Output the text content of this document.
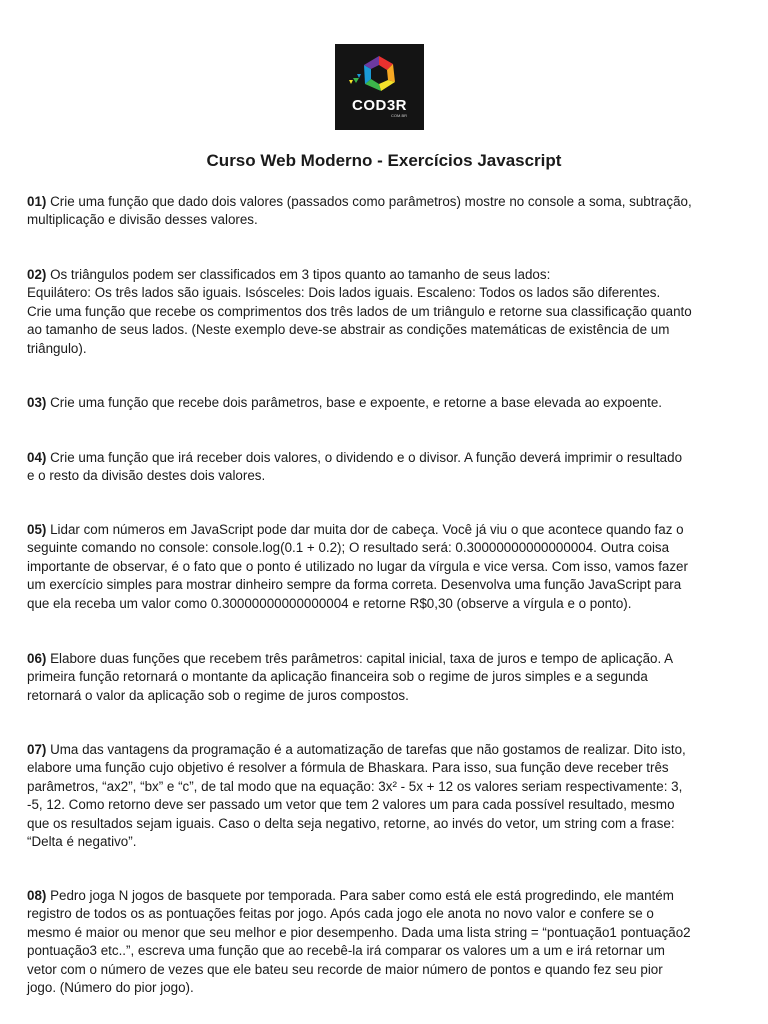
COD3R
COM.BR
Curso Web Moderno - Exercícios Javascript

01) Crie uma função que dado dois valores (passados como parâmetros) mostre no console a soma, subtração,
multiplicação e divisão desses valores.

02) Os triângulos podem ser classificados em 3 tipos quanto ao tamanho de seus lados:
Equilátero: Os três lados são iguais. Isósceles: Dois lados iguais. Escaleno: Todos os lados são diferentes.
Crie uma função que recebe os comprimentos dos três lados de um triângulo e retorne sua classificação quanto
ao tamanho de seus lados. (Neste exemplo deve-se abstrair as condições matemáticas de existência de um
triângulo).

03) Crie uma função que recebe dois parâmetros, base e expoente, e retorne a base elevada ao expoente.

04) Crie uma função que irá receber dois valores, o dividendo e o divisor. A função deverá imprimir o resultado
e o resto da divisão destes dois valores.

05) Lidar com números em JavaScript pode dar muita dor de cabeça. Você já viu o que acontece quando faz o
seguinte comando no console: console.log(0.1 + 0.2); O resultado será: 0.30000000000000004. Outra coisa
importante de observar, é o fato que o ponto é utilizado no lugar da vírgula e vice versa. Com isso, vamos fazer
um exercício simples para mostrar dinheiro sempre da forma correta. Desenvolva uma função JavaScript para
que ela receba um valor como 0.30000000000000004 e retorne R$0,30 (observe a vírgula e o ponto).

06) Elabore duas funções que recebem três parâmetros: capital inicial, taxa de juros e tempo de aplicação. A
primeira função retornará o montante da aplicação financeira sob o regime de juros simples e a segunda
retornará o valor da aplicação sob o regime de juros compostos.

07) Uma das vantagens da programação é a automatização de tarefas que não gostamos de realizar. Dito isto,
elabore uma função cujo objetivo é resolver a fórmula de Bhaskara. Para isso, sua função deve receber três
parâmetros, “ax2”, “bx” e “c”, de tal modo que na equação: 3x² - 5x + 12 os valores seriam respectivamente: 3,
-5, 12. Como retorno deve ser passado um vetor que tem 2 valores um para cada possível resultado, mesmo
que os resultados sejam iguais. Caso o delta seja negativo, retorne, ao invés do vetor, um string com a frase:
“Delta é negativo”.

08) Pedro joga N jogos de basquete por temporada. Para saber como está ele está progredindo, ele mantém
registro de todos os as pontuações feitas por jogo. Após cada jogo ele anota no novo valor e confere se o
mesmo é maior ou menor que seu melhor e pior desempenho. Dada uma lista string = “pontuação1 pontuação2
pontuação3 etc..”, escreva uma função que ao recebê-la irá comparar os valores um a um e irá retornar um
vetor com o número de vezes que ele bateu seu recorde de maior número de pontos e quando fez seu pior
jogo. (Número do pior jogo).
